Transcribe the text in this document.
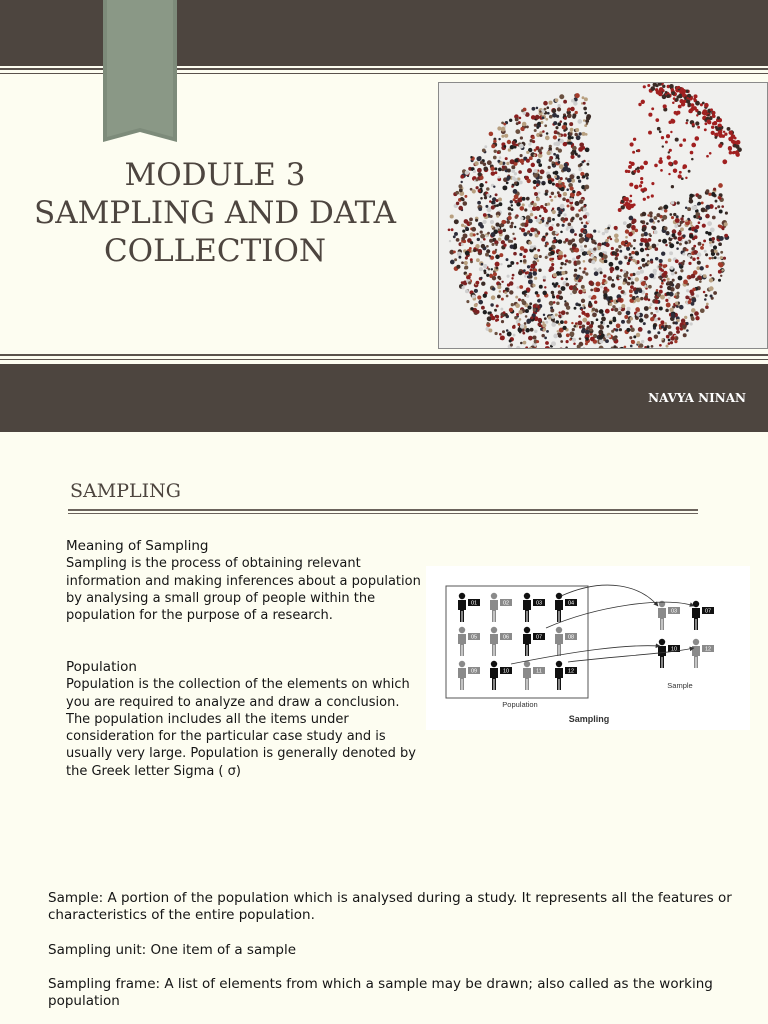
MODULE 3
SAMPLING AND DATA
COLLECTION
NAVYA NINAN
SAMPLING
Meaning of Sampling
Sampling is the process of obtaining relevant information and making inferences about a population by analysing a small group of people within the population for the purpose of a research.
Population
Population is the collection of the elements on which you are required to analyze and draw a conclusion. The population includes all the items under consideration for the particular case study and is usually very large. Population is generally denoted by the Greek letter Sigma ( σ)
01	02	03	04
05	06	07	08
09	10	11	12
03	07
10	12
Population
Sample
Sampling
Sample: A portion of the population which is analysed during a study. It represents all the features or characteristics of the entire population.
Sampling unit: One item of a sample
Sampling frame: A list of elements from which a sample may be drawn; also called as the working population
